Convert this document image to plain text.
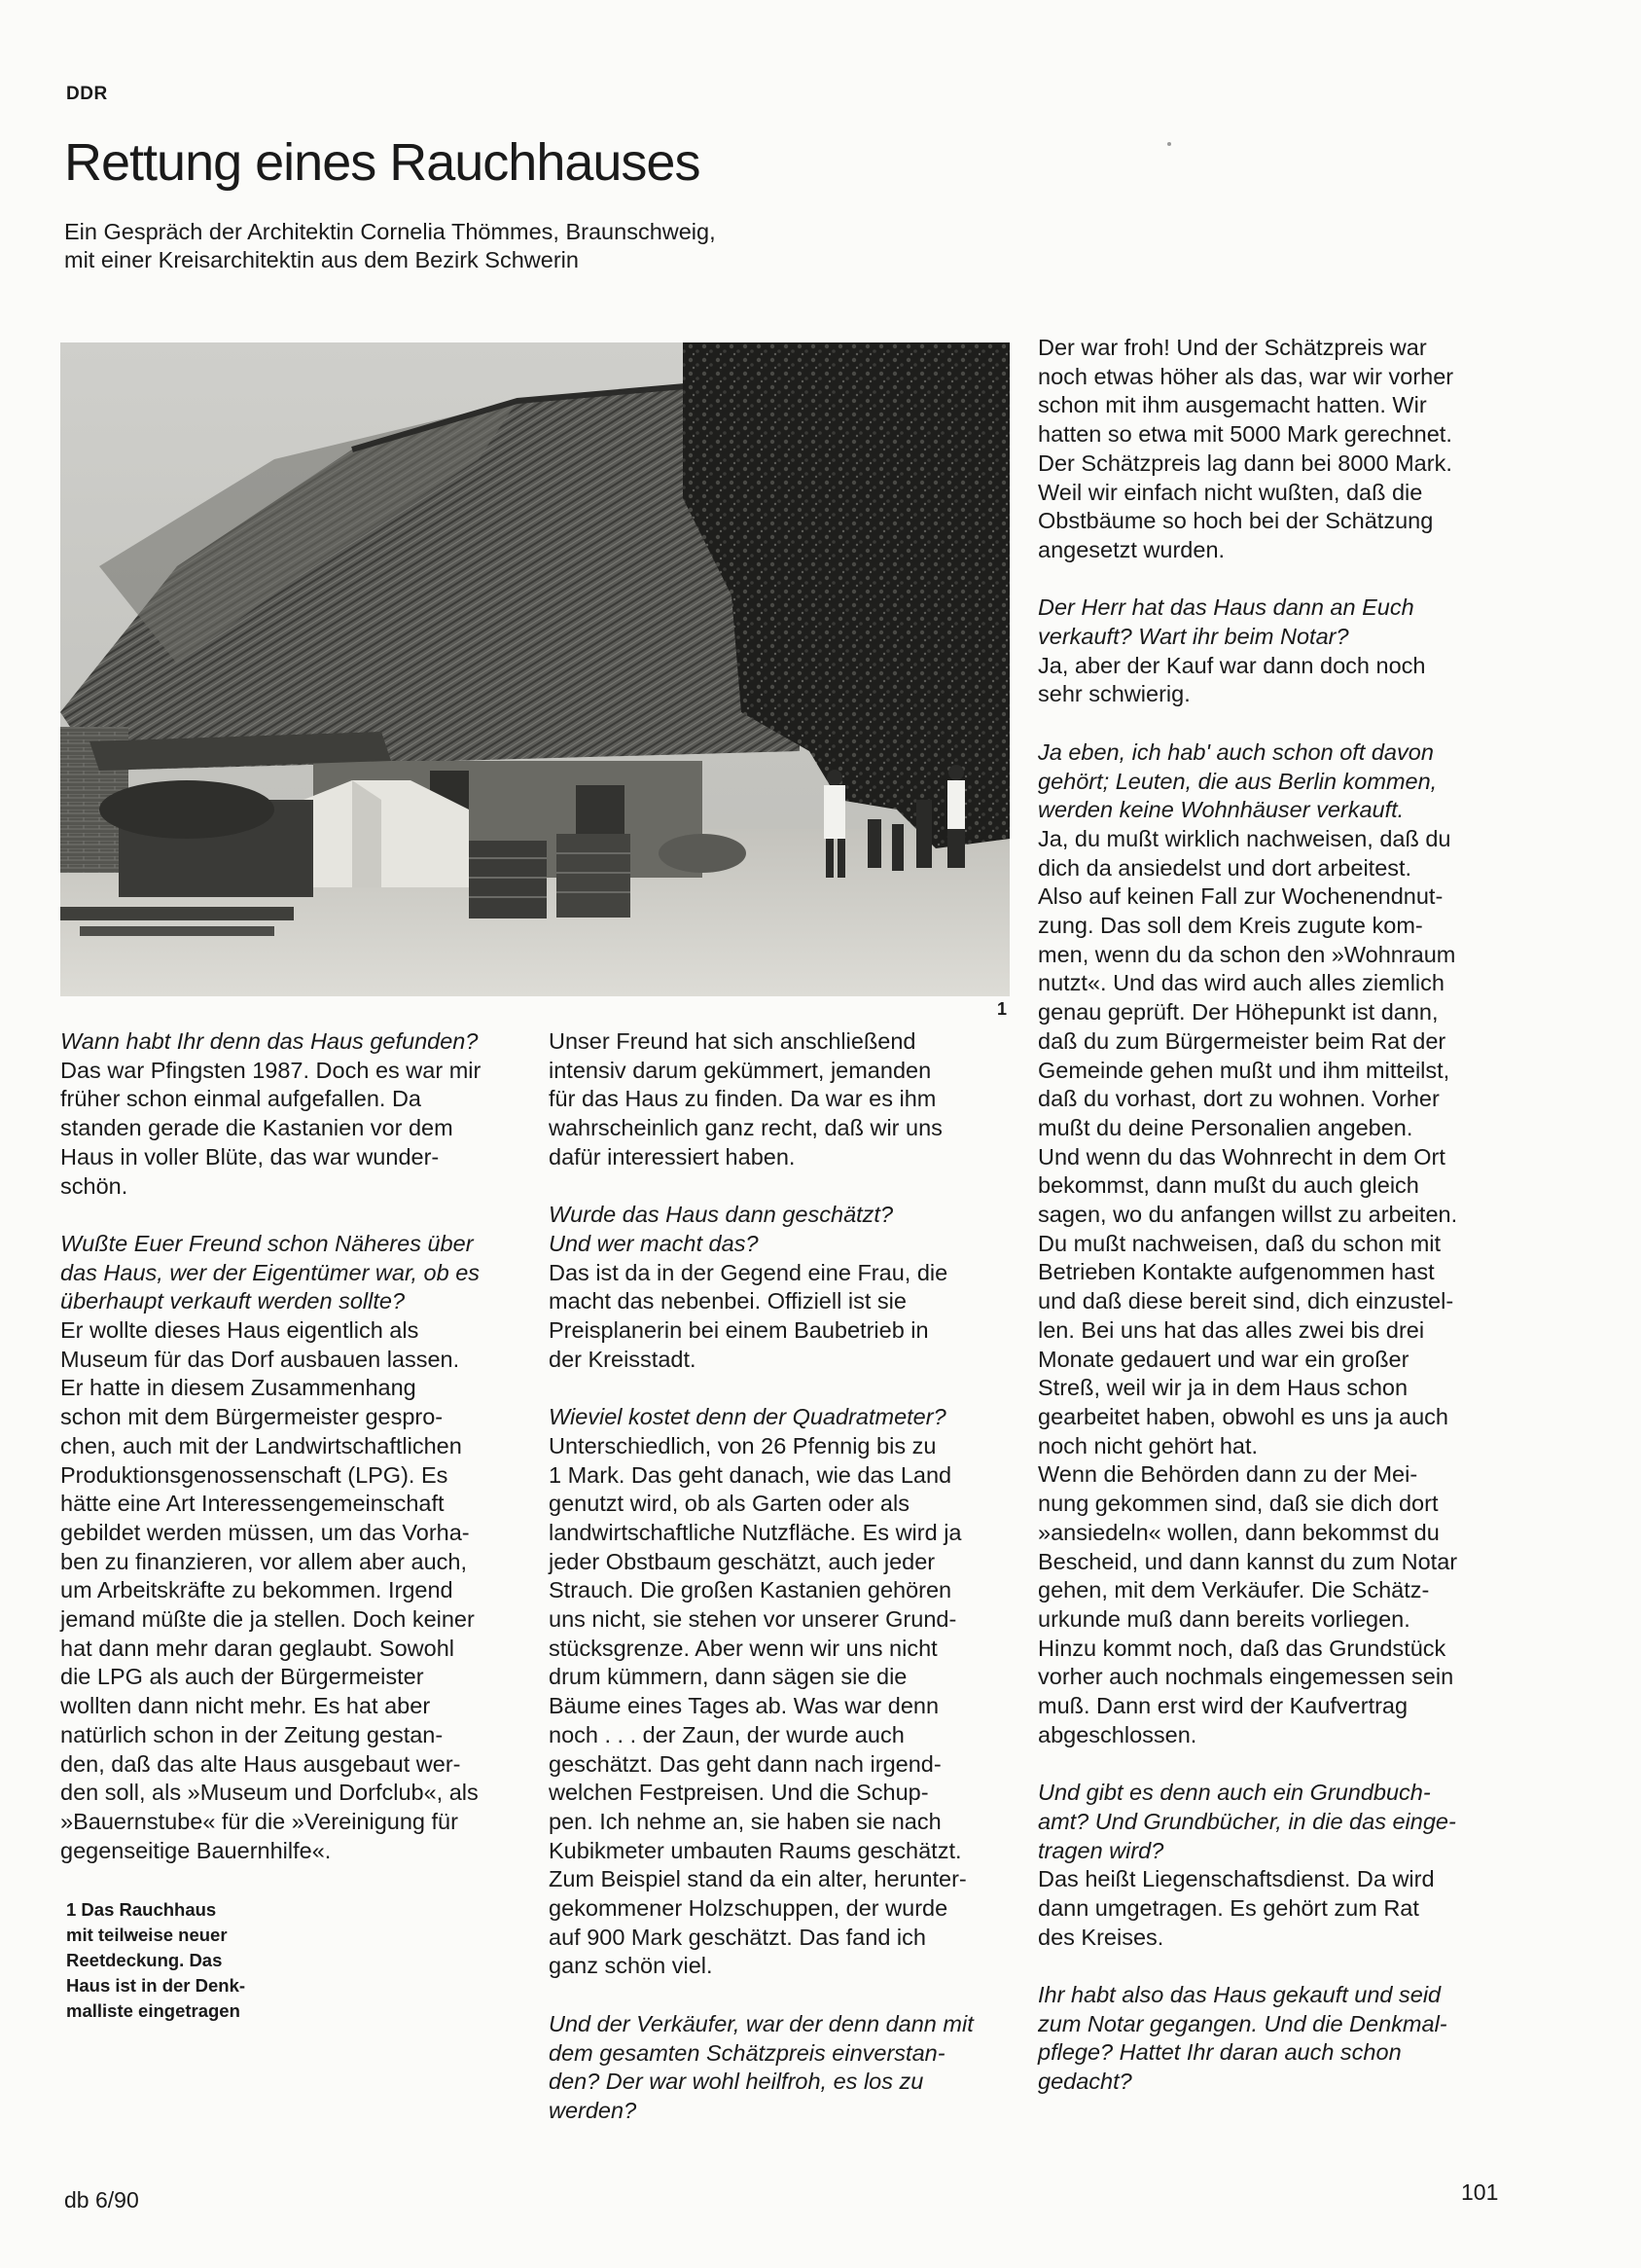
DDR
Rettung eines Rauchhauses
Ein Gespräch der Architektin Cornelia Thömmes, Braunschweig,
mit einer Kreisarchitektin aus dem Bezirk Schwerin
1

Wann habt Ihr denn das Haus gefunden?
Das war Pfingsten 1987. Doch es war mir
früher schon einmal aufgefallen. Da
standen gerade die Kastanien vor dem
Haus in voller Blüte, das war wunder-
schön.

Wußte Euer Freund schon Näheres über
das Haus, wer der Eigentümer war, ob es
überhaupt verkauft werden sollte?
Er wollte dieses Haus eigentlich als
Museum für das Dorf ausbauen lassen.
Er hatte in diesem Zusammenhang
schon mit dem Bürgermeister gespro-
chen, auch mit der Landwirtschaftlichen
Produktionsgenossenschaft (LPG). Es
hätte eine Art Interessengemeinschaft
gebildet werden müssen, um das Vorha-
ben zu finanzieren, vor allem aber auch,
um Arbeitskräfte zu bekommen. Irgend
jemand müßte die ja stellen. Doch keiner
hat dann mehr daran geglaubt. Sowohl
die LPG als auch der Bürgermeister
wollten dann nicht mehr. Es hat aber
natürlich schon in der Zeitung gestan-
den, daß das alte Haus ausgebaut wer-
den soll, als »Museum und Dorfclub«, als
»Bauernstube« für die »Vereinigung für
gegenseitige Bauernhilfe«.

Unser Freund hat sich anschließend
intensiv darum gekümmert, jemanden
für das Haus zu finden. Da war es ihm
wahrscheinlich ganz recht, daß wir uns
dafür interessiert haben.

Wurde das Haus dann geschätzt?
Und wer macht das?
Das ist da in der Gegend eine Frau, die
macht das nebenbei. Offiziell ist sie
Preisplanerin bei einem Baubetrieb in
der Kreisstadt.

Wieviel kostet denn der Quadratmeter?
Unterschiedlich, von 26 Pfennig bis zu
1 Mark. Das geht danach, wie das Land
genutzt wird, ob als Garten oder als
landwirtschaftliche Nutzfläche. Es wird ja
jeder Obstbaum geschätzt, auch jeder
Strauch. Die großen Kastanien gehören
uns nicht, sie stehen vor unserer Grund-
stücksgrenze. Aber wenn wir uns nicht
drum kümmern, dann sägen sie die
Bäume eines Tages ab. Was war denn
noch . . . der Zaun, der wurde auch
geschätzt. Das geht dann nach irgend-
welchen Festpreisen. Und die Schup-
pen. Ich nehme an, sie haben sie nach
Kubikmeter umbauten Raums geschätzt.
Zum Beispiel stand da ein alter, herunter-
gekommener Holzschuppen, der wurde
auf 900 Mark geschätzt. Das fand ich
ganz schön viel.

Und der Verkäufer, war der denn dann mit
dem gesamten Schätzpreis einverstan-
den? Der war wohl heilfroh, es los zu
werden?

Der war froh! Und der Schätzpreis war
noch etwas höher als das, war wir vorher
schon mit ihm ausgemacht hatten. Wir
hatten so etwa mit 5000 Mark gerechnet.
Der Schätzpreis lag dann bei 8000 Mark.
Weil wir einfach nicht wußten, daß die
Obstbäume so hoch bei der Schätzung
angesetzt wurden.

Der Herr hat das Haus dann an Euch
verkauft? Wart ihr beim Notar?
Ja, aber der Kauf war dann doch noch
sehr schwierig.

Ja eben, ich hab' auch schon oft davon
gehört; Leuten, die aus Berlin kommen,
werden keine Wohnhäuser verkauft.
Ja, du mußt wirklich nachweisen, daß du
dich da ansiedelst und dort arbeitest.
Also auf keinen Fall zur Wochenendnut-
zung. Das soll dem Kreis zugute kom-
men, wenn du da schon den »Wohnraum
nutzt«. Und das wird auch alles ziemlich
genau geprüft. Der Höhepunkt ist dann,
daß du zum Bürgermeister beim Rat der
Gemeinde gehen mußt und ihm mitteilst,
daß du vorhast, dort zu wohnen. Vorher
mußt du deine Personalien angeben.
Und wenn du das Wohnrecht in dem Ort
bekommst, dann mußt du auch gleich
sagen, wo du anfangen willst zu arbeiten.
Du mußt nachweisen, daß du schon mit
Betrieben Kontakte aufgenommen hast
und daß diese bereit sind, dich einzustel-
len. Bei uns hat das alles zwei bis drei
Monate gedauert und war ein großer
Streß, weil wir ja in dem Haus schon
gearbeitet haben, obwohl es uns ja auch
noch nicht gehört hat.
Wenn die Behörden dann zu der Mei-
nung gekommen sind, daß sie dich dort
»ansiedeln« wollen, dann bekommst du
Bescheid, und dann kannst du zum Notar
gehen, mit dem Verkäufer. Die Schätz-
urkunde muß dann bereits vorliegen.
Hinzu kommt noch, daß das Grundstück
vorher auch nochmals eingemessen sein
muß. Dann erst wird der Kaufvertrag
abgeschlossen.

Und gibt es denn auch ein Grundbuch-
amt? Und Grundbücher, in die das einge-
tragen wird?
Das heißt Liegenschaftsdienst. Da wird
dann umgetragen. Es gehört zum Rat
des Kreises.

Ihr habt also das Haus gekauft und seid
zum Notar gegangen. Und die Denkmal-
pflege? Hattet Ihr daran auch schon
gedacht?

1 Das Rauchhaus
mit teilweise neuer
Reetdeckung. Das
Haus ist in der Denk-
malliste eingetragen
db 6/90	101
